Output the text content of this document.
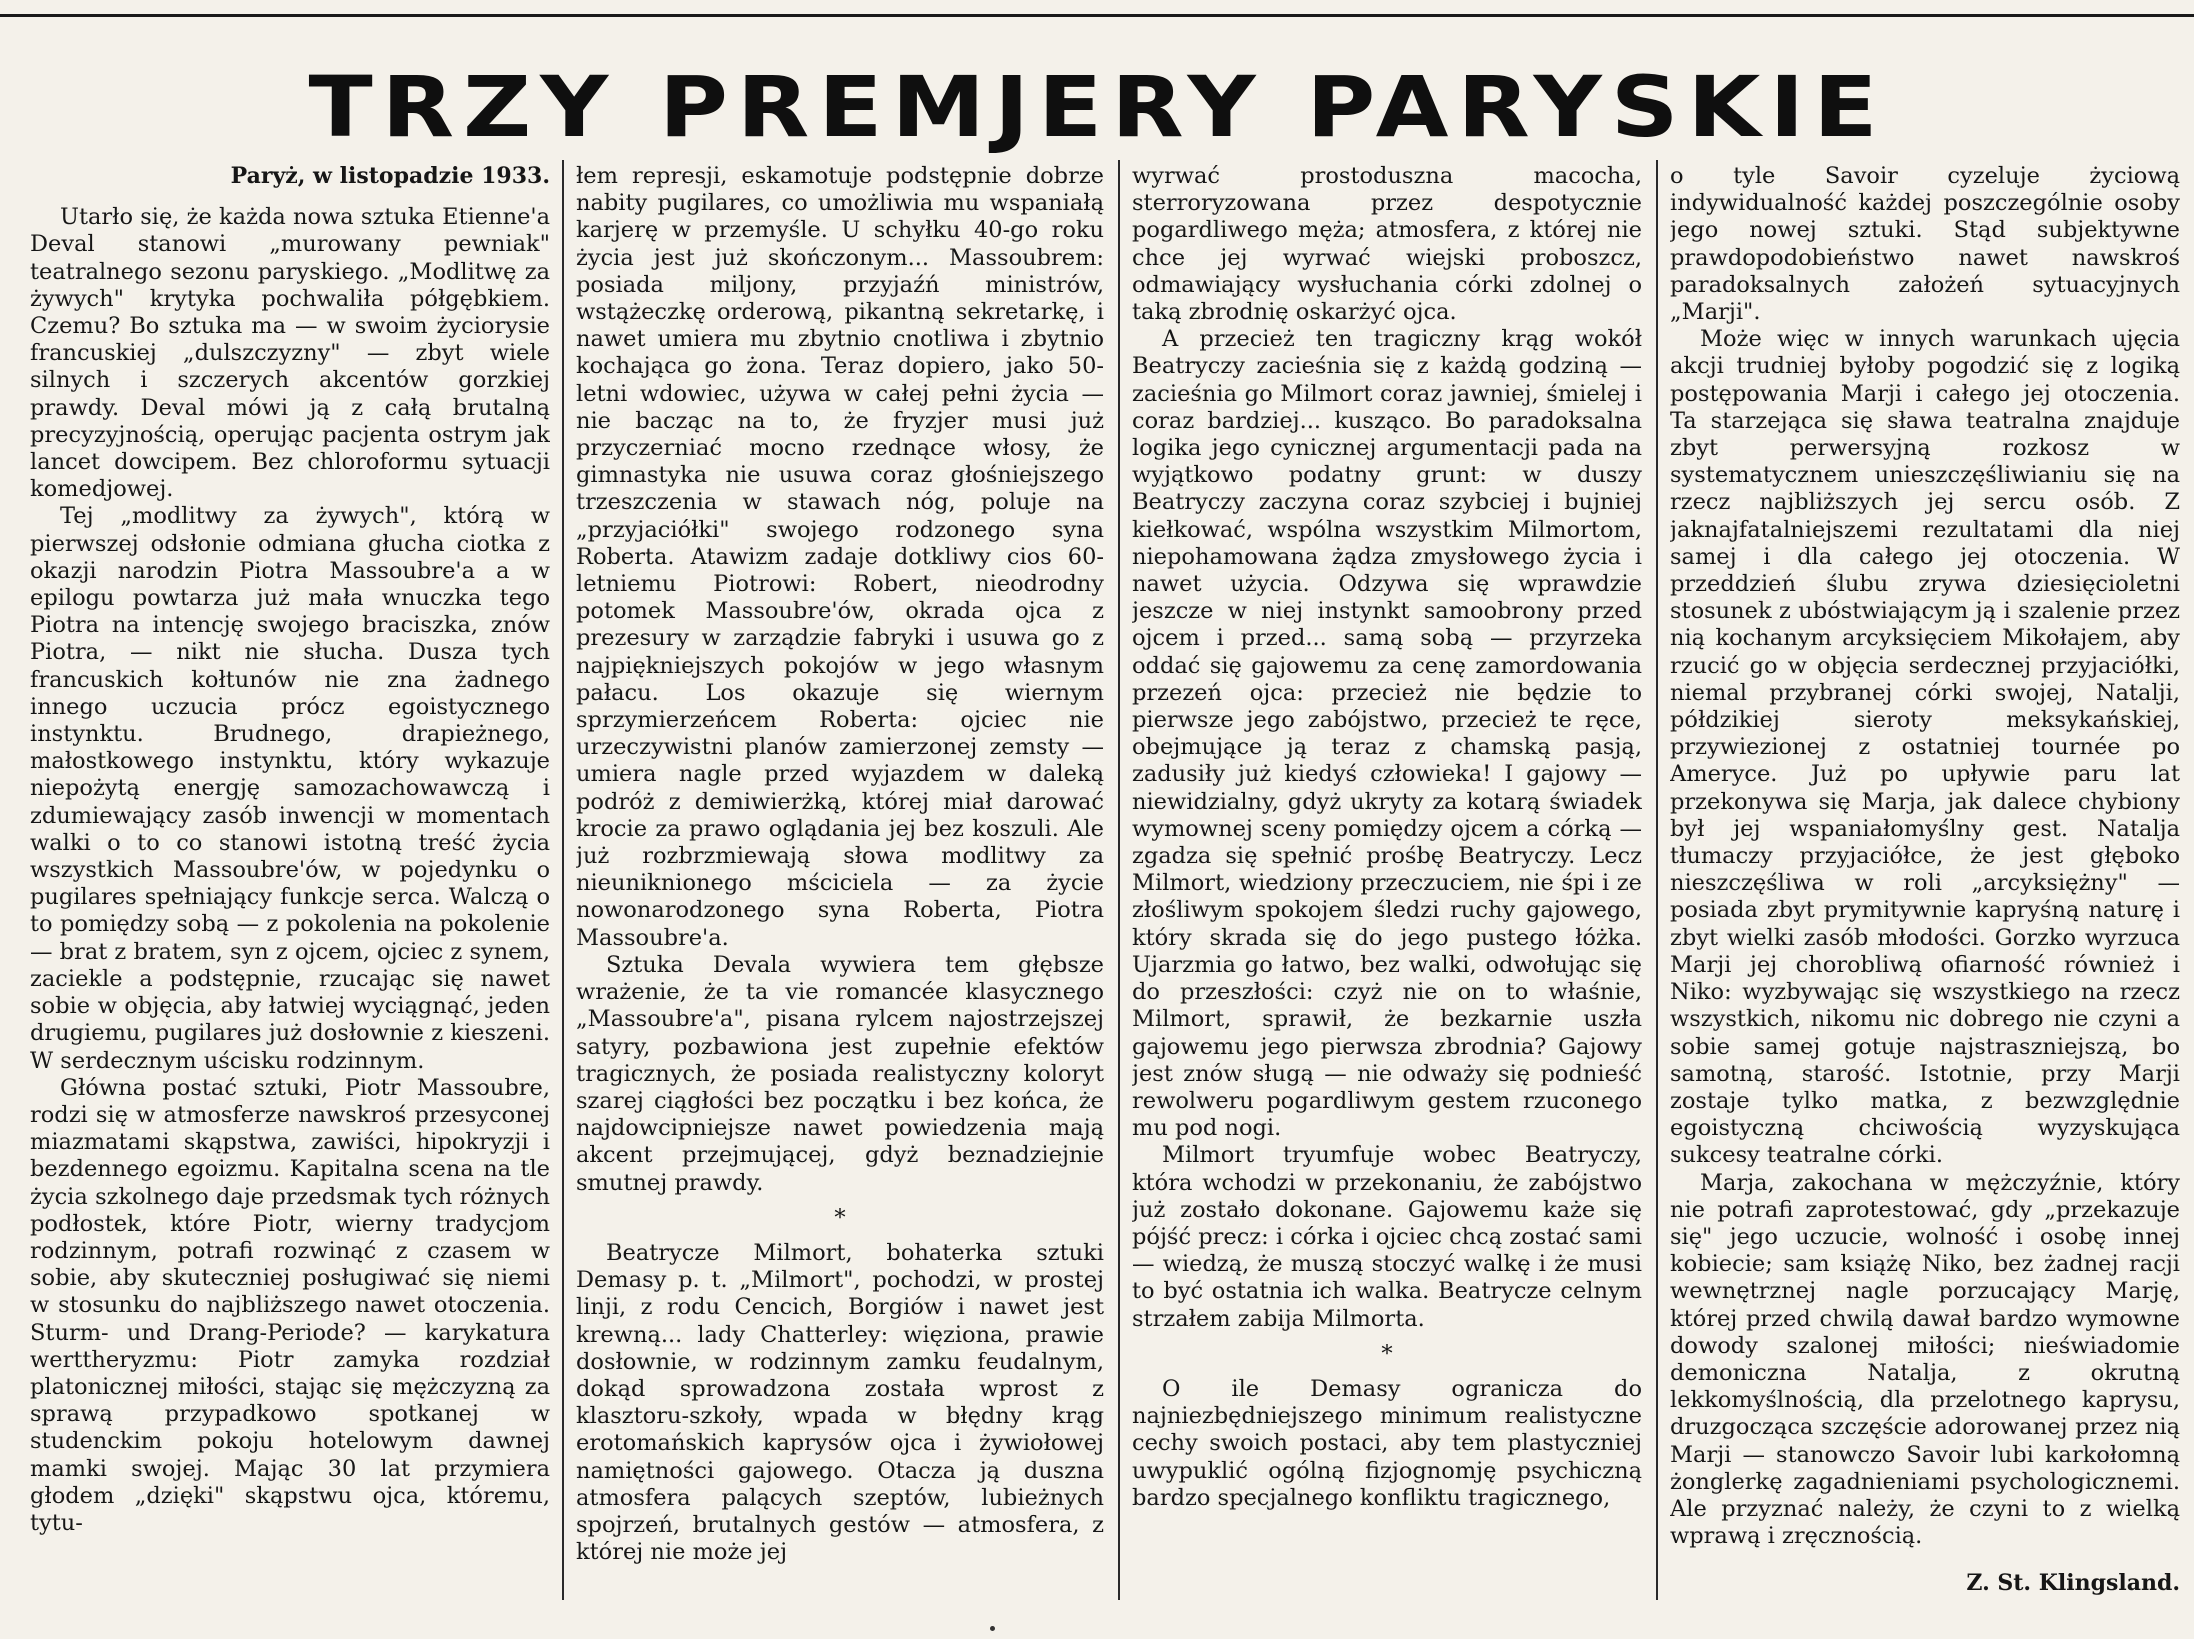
TRZY PREMJERY PARYSKIE

Paryż, w listopadzie 1933.

Utarło się, że każda nowa sztuka Etienne'a Deval stanowi „murowany pewniak" teatralnego sezonu paryskiego. „Modlitwę za żywych" krytyka pochwaliła półgębkiem. Czemu? Bo sztuka ma — w swoim życiorysie francuskiej „dulszczyzny" — zbyt wiele silnych i szczerych akcentów gorzkiej prawdy. Deval mówi ją z całą brutalną precyzyjnością, operując pacjenta ostrym jak lancet dowcipem. Bez chloroformu sytuacji komedjowej.

Tej „modlitwy za żywych", którą w pierwszej odsłonie odmiana głucha ciotka z okazji narodzin Piotra Massoubre'a a w epilogu powtarza już mała wnuczka tego Piotra na intencję swojego braciszka, znów Piotra, — nikt nie słucha. Dusza tych francuskich kołtunów nie zna żadnego innego uczucia prócz egoistycznego instynktu. Brudnego, drapieżnego, małostkowego instynktu, który wykazuje niepożytą energję samozachowawczą i zdumiewający zasób inwencji w momentach walki o to co stanowi istotną treść życia wszystkich Massoubre'ów, w pojedynku o pugilares spełniający funkcje serca. Walczą o to pomiędzy sobą — z pokolenia na pokolenie — brat z bratem, syn z ojcem, ojciec z synem, zaciekle a podstępnie, rzucając się nawet sobie w objęcia, aby łatwiej wyciągnąć, jeden drugiemu, pugilares już dosłownie z kieszeni. W serdecznym uścisku rodzinnym.

Główna postać sztuki, Piotr Massoubre, rodzi się w atmosferze nawskroś przesyconej miazmatami skąpstwa, zawiści, hipokryzji i bezdennego egoizmu. Kapitalna scena na tle życia szkolnego daje przedsmak tych różnych podłostek, które Piotr, wierny tradycjom rodzinnym, potrafi rozwinąć z czasem w sobie, aby skuteczniej posługiwać się niemi w stosunku do najbliższego nawet otoczenia. Sturm- und Drang-Periode? — karykatura werttheryzmu: Piotr zamyka rozdział platonicznej miłości, stając się mężczyzną za sprawą przypadkowo spotkanej w studenckim pokoju hotelowym dawnej mamki swojej. Mając 30 lat przymiera głodem „dzięki" skąpstwu ojca, któremu, tytu-

łem represji, eskamotuje podstępnie dobrze nabity pugilares, co umożliwia mu wspaniałą karjerę w przemyśle. U schyłku 40-go roku życia jest już skończonym... Massoubrem: posiada miljony, przyjaźń ministrów, wstążeczkę orderową, pikantną sekretarkę, i nawet umiera mu zbytnio cnotliwa i zbytnio kochająca go żona. Teraz dopiero, jako 50-letni wdowiec, używa w całej pełni życia — nie bacząc na to, że fryzjer musi już przyczerniać mocno rzednące włosy, że gimnastyka nie usuwa coraz głośniejszego trzeszczenia w stawach nóg, poluje na „przyjaciółki" swojego rodzonego syna Roberta. Atawizm zadaje dotkliwy cios 60-letniemu Piotrowi: Robert, nieodrodny potomek Massoubre'ów, okrada ojca z prezesury w zarządzie fabryki i usuwa go z najpiękniejszych pokojów w jego własnym pałacu. Los okazuje się wiernym sprzymierzeńcem Roberta: ojciec nie urzeczywistni planów zamierzonej zemsty — umiera nagle przed wyjazdem w daleką podróż z demiwierżką, której miał darować krocie za prawo oglądania jej bez koszuli. Ale już rozbrzmiewają słowa modlitwy za nieuniknionego mściciela — za życie nowonarodzonego syna Roberta, Piotra Massoubre'a.

Sztuka Devala wywiera tem głębsze wrażenie, że ta vie romancée klasycznego „Massoubre'a", pisana rylcem najostrzejszej satyry, pozbawiona jest zupełnie efektów tragicznych, że posiada realistyczny koloryt szarej ciągłości bez początku i bez końca, że najdowcipniejsze nawet powiedzenia mają akcent przejmującej, gdyż beznadziejnie smutnej prawdy.

*

Beatrycze Milmort, bohaterka sztuki Demasy p. t. „Milmort", pochodzi, w prostej linji, z rodu Cencich, Borgiów i nawet jest krewną... lady Chatterley: więziona, prawie dosłownie, w rodzinnym zamku feudalnym, dokąd sprowadzona została wprost z klasztoru-szkoły, wpada w błędny krąg erotomańskich kaprysów ojca i żywiołowej namiętności gajowego. Otacza ją duszna atmosfera palących szeptów, lubieżnych spojrzeń, brutalnych gestów — atmosfera, z której nie może jej

wyrwać prostoduszna macocha, sterroryzowana przez despotycznie pogardliwego męża; atmosfera, z której nie chce jej wyrwać wiejski proboszcz, odmawiający wysłuchania córki zdolnej o taką zbrodnię oskarżyć ojca.

A przecież ten tragiczny krąg wokół Beatryczy zacieśnia się z każdą godziną — zacieśnia go Milmort coraz jawniej, śmielej i coraz bardziej... kusząco. Bo paradoksalna logika jego cynicznej argumentacji pada na wyjątkowo podatny grunt: w duszy Beatryczy zaczyna coraz szybciej i bujniej kiełkować, wspólna wszystkim Milmortom, niepohamowana żądza zmysłowego życia i nawet użycia. Odzywa się wprawdzie jeszcze w niej instynkt samoobrony przed ojcem i przed... samą sobą — przyrzeka oddać się gajowemu za cenę zamordowania przezeń ojca: przecież nie będzie to pierwsze jego zabójstwo, przecież te ręce, obejmujące ją teraz z chamską pasją, zadusiły już kiedyś człowieka! I gajowy — niewidzialny, gdyż ukryty za kotarą świadek wymownej sceny pomiędzy ojcem a córką — zgadza się spełnić prośbę Beatryczy. Lecz Milmort, wiedziony przeczuciem, nie śpi i ze złośliwym spokojem śledzi ruchy gajowego, który skrada się do jego pustego łóżka. Ujarzmia go łatwo, bez walki, odwołując się do przeszłości: czyż nie on to właśnie, Milmort, sprawił, że bezkarnie uszła gajowemu jego pierwsza zbrodnia? Gajowy jest znów sługą — nie odważy się podnieść rewolweru pogardliwym gestem rzuconego mu pod nogi.

Milmort tryumfuje wobec Beatryczy, która wchodzi w przekonaniu, że zabójstwo już zostało dokonane. Gajowemu każe się pójść precz: i córka i ojciec chcą zostać sami — wiedzą, że muszą stoczyć walkę i że musi to być ostatnia ich walka. Beatrycze celnym strzałem zabija Milmorta.

*

O ile Demasy ogranicza do najniezbędniejszego minimum realistyczne cechy swoich postaci, aby tem plastyczniej uwypuklić ogólną fizjognomję psychiczną bardzo specjalnego konfliktu tragicznego,

o tyle Savoir cyzeluje życiową indywidualność każdej poszczególnie osoby jego nowej sztuki. Stąd subjektywne prawdopodobieństwo nawet nawskroś paradoksalnych założeń sytuacyjnych „Marji".

Może więc w innych warunkach ujęcia akcji trudniej byłoby pogodzić się z logiką postępowania Marji i całego jej otoczenia. Ta starzejąca się sława teatralna znajduje zbyt perwersyjną rozkosz w systematycznem unieszczęśliwianiu się na rzecz najbliższych jej sercu osób. Z jaknajfatalniejszemi rezultatami dla niej samej i dla całego jej otoczenia. W przeddzień ślubu zrywa dziesięcioletni stosunek z ubóstwiającym ją i szalenie przez nią kochanym arcyksięciem Mikołajem, aby rzucić go w objęcia serdecznej przyjaciółki, niemal przybranej córki swojej, Natalji, półdzikiej sieroty meksykańskiej, przywiezionej z ostatniej tournée po Ameryce. Już po upływie paru lat przekonywa się Marja, jak dalece chybiony był jej wspaniałomyślny gest. Natalja tłumaczy przyjaciółce, że jest głęboko nieszczęśliwa w roli „arcyksiężny" — posiada zbyt prymitywnie kapryśną naturę i zbyt wielki zasób młodości. Gorzko wyrzuca Marji jej chorobliwą ofiarność również i Niko: wyzbywając się wszystkiego na rzecz wszystkich, nikomu nic dobrego nie czyni a sobie samej gotuje najstraszniejszą, bo samotną, starość. Istotnie, przy Marji zostaje tylko matka, z bezwzględnie egoistyczną chciwością wyzyskująca sukcesy teatralne córki.

Marja, zakochana w mężczyźnie, który nie potrafi zaprotestować, gdy „przekazuje się" jego uczucie, wolność i osobę innej kobiecie; sam książę Niko, bez żadnej racji wewnętrznej nagle porzucający Marję, której przed chwilą dawał bardzo wymowne dowody szalonej miłości; nieświadomie demoniczna Natalja, z okrutną lekkomyślnością, dla przelotnego kaprysu, druzgocząca szczęście adorowanej przez nią Marji — stanowczo Savoir lubi karkołomną żonglerkę zagadnieniami psychologicznemi. Ale przyznać należy, że czyni to z wielką wprawą i zręcznością.

Z. St. Klingsland.
